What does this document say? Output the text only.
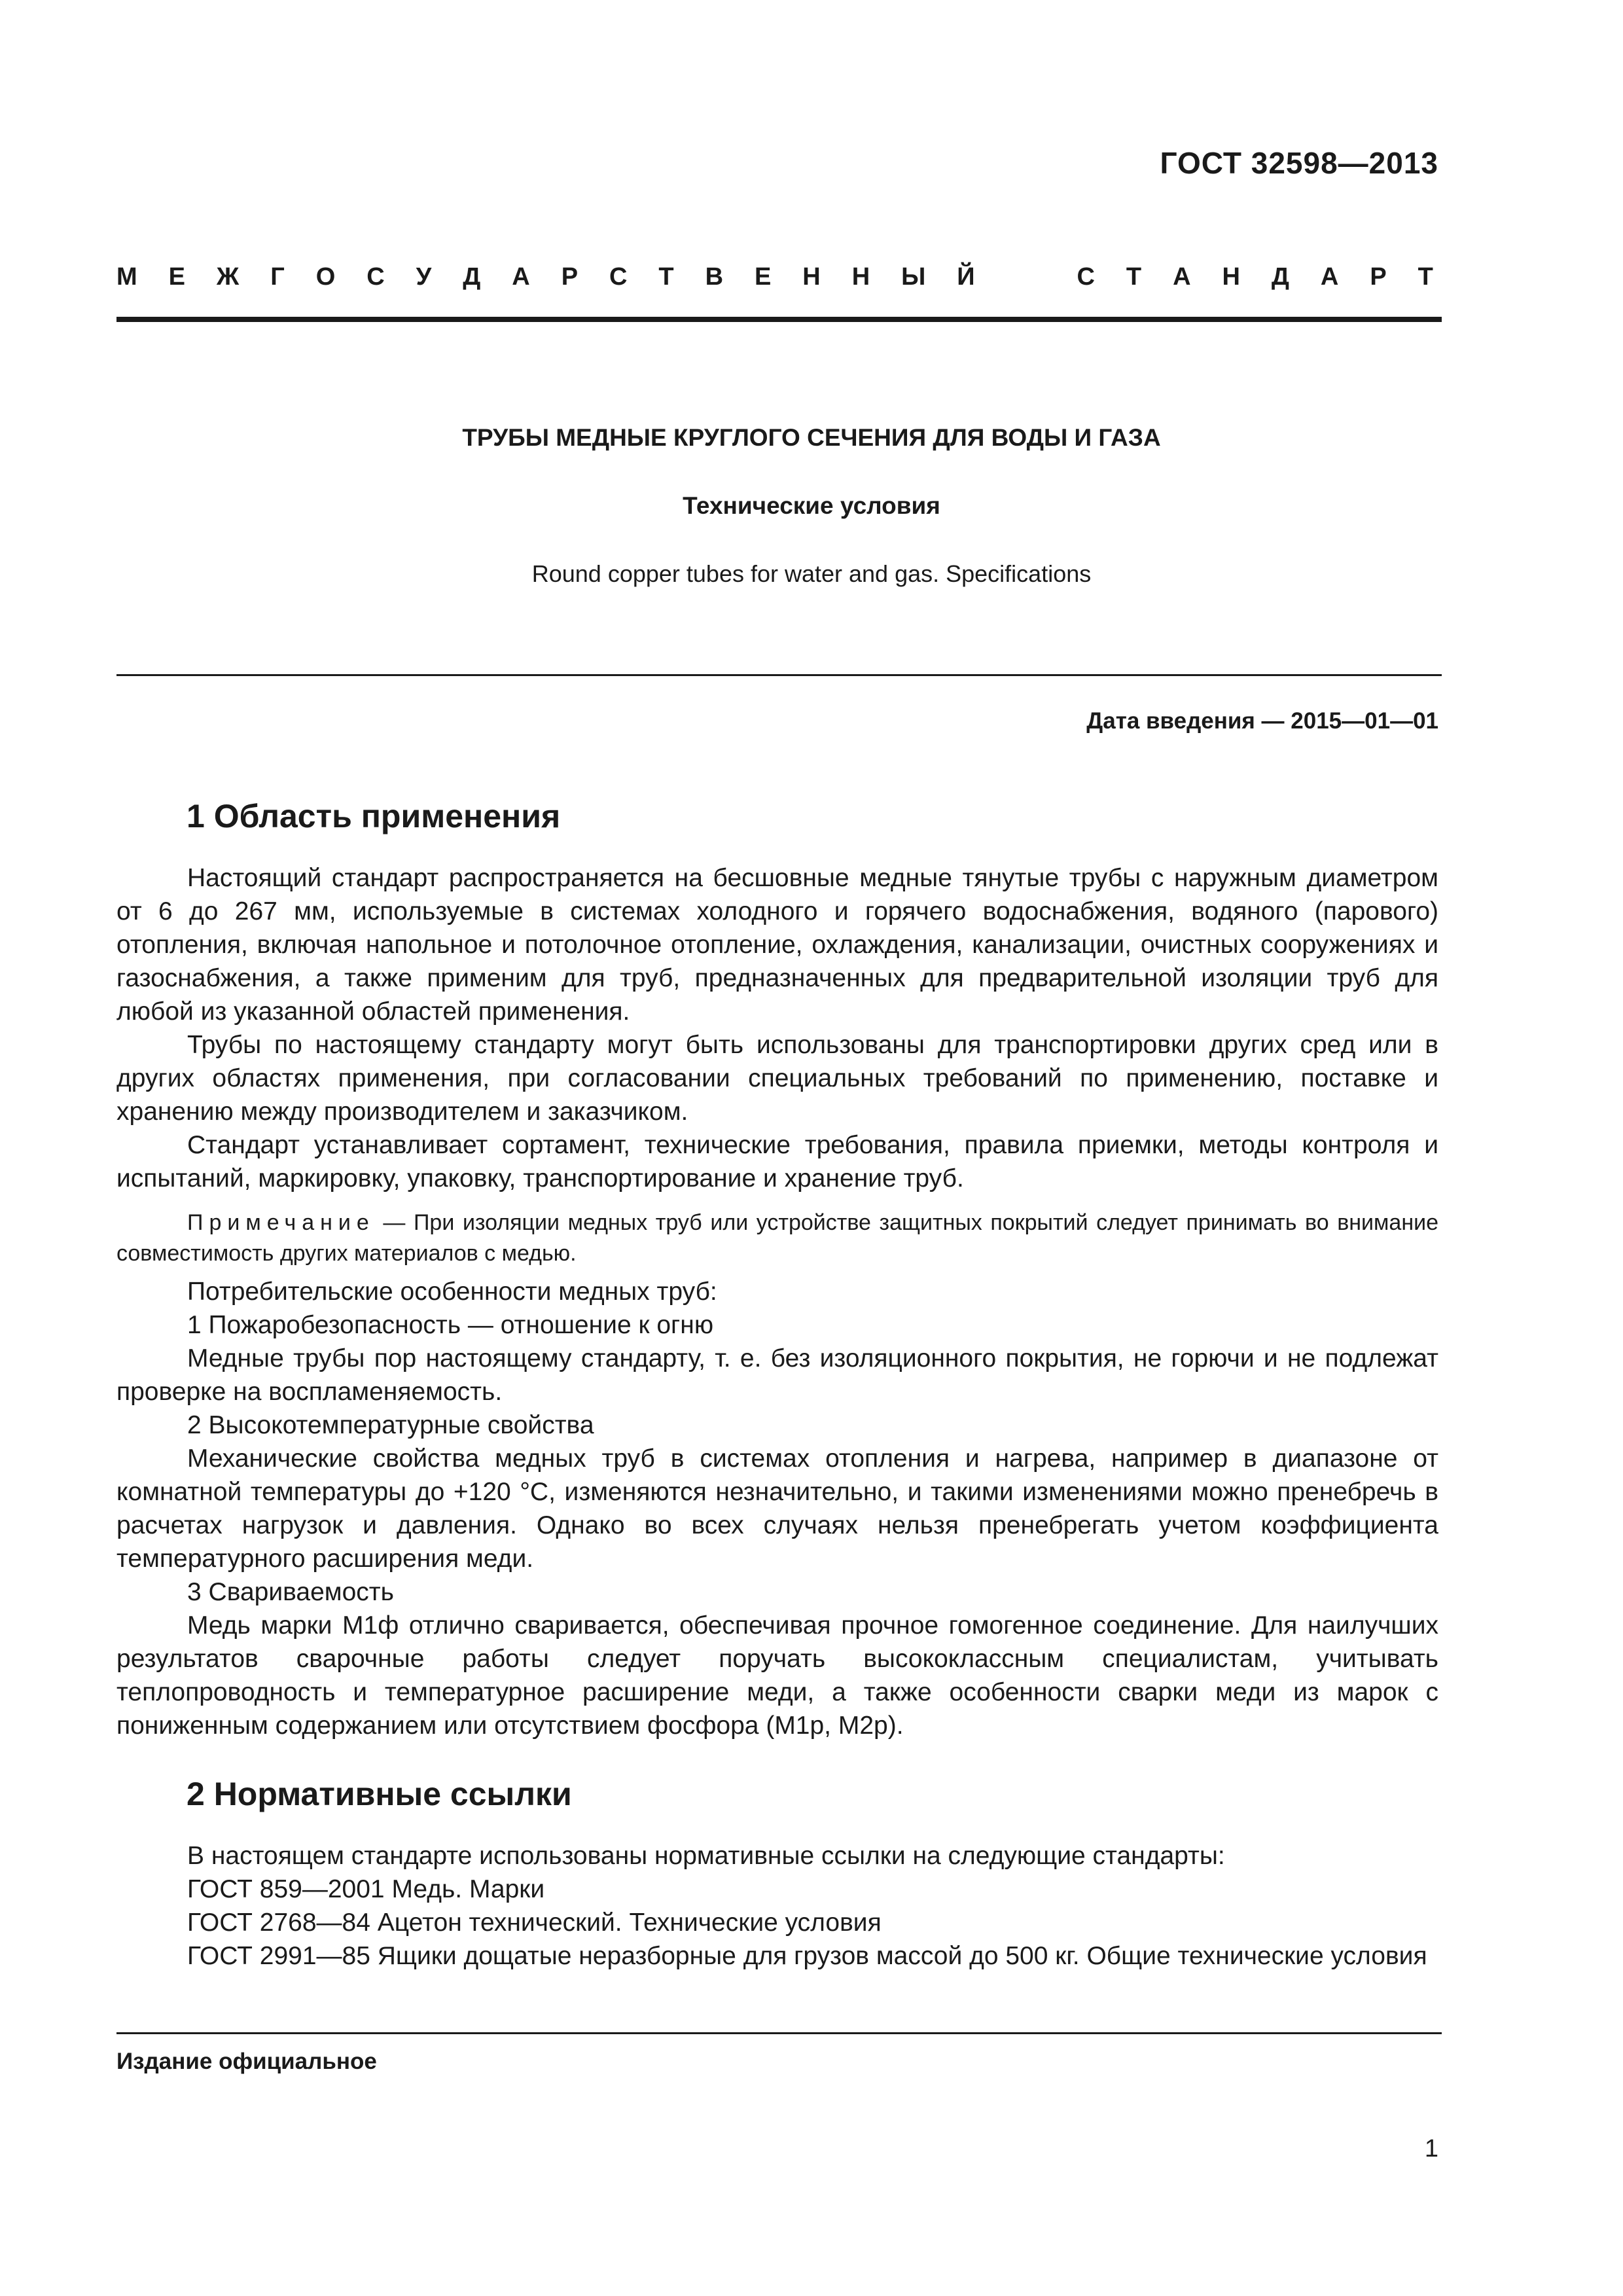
ГОСТ 32598—2013
М Е Ж Г О С У Д А Р С Т В Е Н Н Ы Й	С Т А Н Д А Р Т
ТРУБЫ МЕДНЫЕ КРУГЛОГО СЕЧЕНИЯ ДЛЯ ВОДЫ И ГАЗА
Технические условия
Round copper tubes for water and gas. Specifications
Дата введения — 2015—01—01
1 Область применения

Настоящий стандарт распространяется на бесшовные медные тянутые трубы с наружным диаметром от 6 до 267 мм, используемые в системах холодного и горячего водоснабжения, водяного (парового) отопления, включая напольное и потолочное отопление, охлаждения, канализации, очистных сооружениях и газоснабжения, а также применим для труб, предназначенных для предварительной изоляции труб для любой из указанной областей применения.

Трубы по настоящему стандарту могут быть использованы для транспортировки других сред или в других областях применения, при согласовании специальных требований по применению, поставке и хранению между производителем и заказчиком.

Стандарт устанавливает сортамент, технические требования, правила приемки, методы контроля и испытаний, маркировку, упаковку, транспортирование и хранение труб.

Примечание — При изоляции медных труб или устройстве защитных покрытий следует принимать во внимание совместимость других материалов с медью.

Потребительские особенности медных труб:

1 Пожаробезопасность — отношение к огню

Медные трубы пор настоящему стандарту, т. е. без изоляционного покрытия, не горючи и не подлежат проверке на воспламеняемость.

2 Высокотемпературные свойства

Механические свойства медных труб в системах отопления и нагрева, например в диапазоне от комнатной температуры до +120 °С, изменяются незначительно, и такими изменениями можно пренебречь в расчетах нагрузок и давления. Однако во всех случаях нельзя пренебрегать учетом коэффициента температурного расширения меди.

3 Свариваемость

Медь марки М1ф отлично сваривается, обеспечивая прочное гомогенное соединение. Для наилучших результатов сварочные работы следует поручать высококлассным специалистам, учитывать теплопроводность и температурное расширение меди, а также особенности сварки меди из марок с пониженным содержанием или отсутствием фосфора (М1р, М2р).

2 Нормативные ссылки

В настоящем стандарте использованы нормативные ссылки на следующие стандарты:

ГОСТ 859—2001 Медь. Марки

ГОСТ 2768—84 Ацетон технический. Технические условия

ГОСТ 2991—85 Ящики дощатые неразборные для грузов массой до 500 кг. Общие технические условия

Издание официальное
1
